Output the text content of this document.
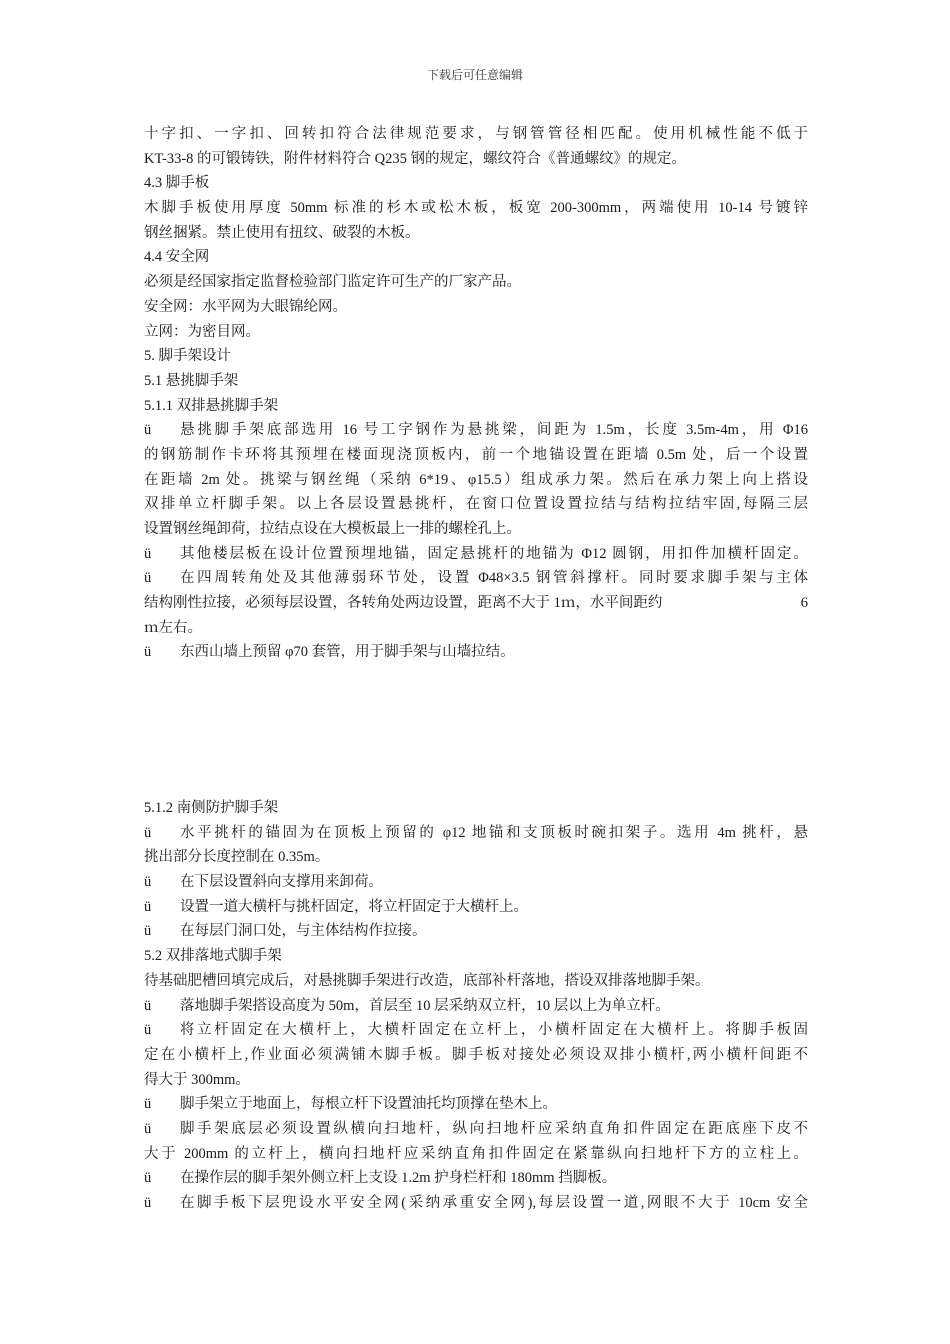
下载后可任意编辑
十字扣、一字扣、回转扣符合法律规范要求，与钢管管径相匹配。使用机械性能不低于
KT-33-8 的可锻铸铁，附件材料符合 Q235 钢的规定，螺纹符合《普通螺纹》的规定。
4.3 脚手板
木脚手板使用厚度 50mm 标准的杉木或松木板，板宽 200-300mm，两端使用 10-14 号镀锌
钢丝捆紧。禁止使用有扭纹、破裂的木板。
4.4 安全网
必须是经国家指定监督检验部门监定许可生产的厂家产品。
安全网：水平网为大眼锦纶网。
立网：为密目网。
5. 脚手架设计
5.1 悬挑脚手架
5.1.1 双排悬挑脚手架
ü	悬挑脚手架底部选用 16 号工字钢作为悬挑梁，间距为 1.5m，长度 3.5m-4m，用 Φ16
的钢筋制作卡环将其预埋在楼面现浇顶板内，前一个地锚设置在距墙 0.5m 处，后一个设置
在距墙 2m 处。挑梁与钢丝绳（采纳 6*19、φ15.5）组成承力架。然后在承力架上向上搭设
双排单立杆脚手架。以上各层设置悬挑杆，在窗口位置设置拉结与结构拉结牢固,每隔三层
设置钢丝绳卸荷，拉结点设在大模板最上一排的螺栓孔上。
ü	其他楼层板在设计位置预埋地锚，固定悬挑杆的地锚为 Φ12 圆钢，用扣件加横杆固定。
ü	在四周转角处及其他薄弱环节处，设置 Φ48×3.5 钢管斜撑杆。同时要求脚手架与主体
结构刚性拉接，必须每层设置，各转角处两边设置，距离不大于 1ｍ，水平间距约	6
ｍ左右。
ü	东西山墙上预留 φ70 套管，用于脚手架与山墙拉结。
5.1.2 南侧防护脚手架
ü	水平挑杆的锚固为在顶板上预留的 φ12 地锚和支顶板时碗扣架子。选用 4m 挑杆，悬
挑出部分长度控制在 0.35m。
ü	在下层设置斜向支撑用来卸荷。
ü	设置一道大横杆与挑杆固定，将立杆固定于大横杆上。
ü	在每层门洞口处，与主体结构作拉接。
5.2 双排落地式脚手架
待基础肥槽回填完成后，对悬挑脚手架进行改造，底部补杆落地，搭设双排落地脚手架。
ü	落地脚手架搭设高度为 50m，首层至 10 层采纳双立杆，10 层以上为单立杆。
ü	将立杆固定在大横杆上，大横杆固定在立杆上，小横杆固定在大横杆上。将脚手板固
定在小横杆上,作业面必须满铺木脚手板。脚手板对接处必须设双排小横杆,两小横杆间距不
得大于 300mm。
ü	脚手架立于地面上，每根立杆下设置油托均顶撑在垫木上。
ü	脚手架底层必须设置纵横向扫地杆，纵向扫地杆应采纳直角扣件固定在距底座下皮不
大于 200mm 的立杆上，横向扫地杆应采纳直角扣件固定在紧靠纵向扫地杆下方的立柱上。
ü	在操作层的脚手架外侧立杆上支设 1.2m 护身栏杆和 180mm 挡脚板。
ü	在脚手板下层兜设水平安全网(采纳承重安全网),每层设置一道,网眼不大于 10cm 安全
